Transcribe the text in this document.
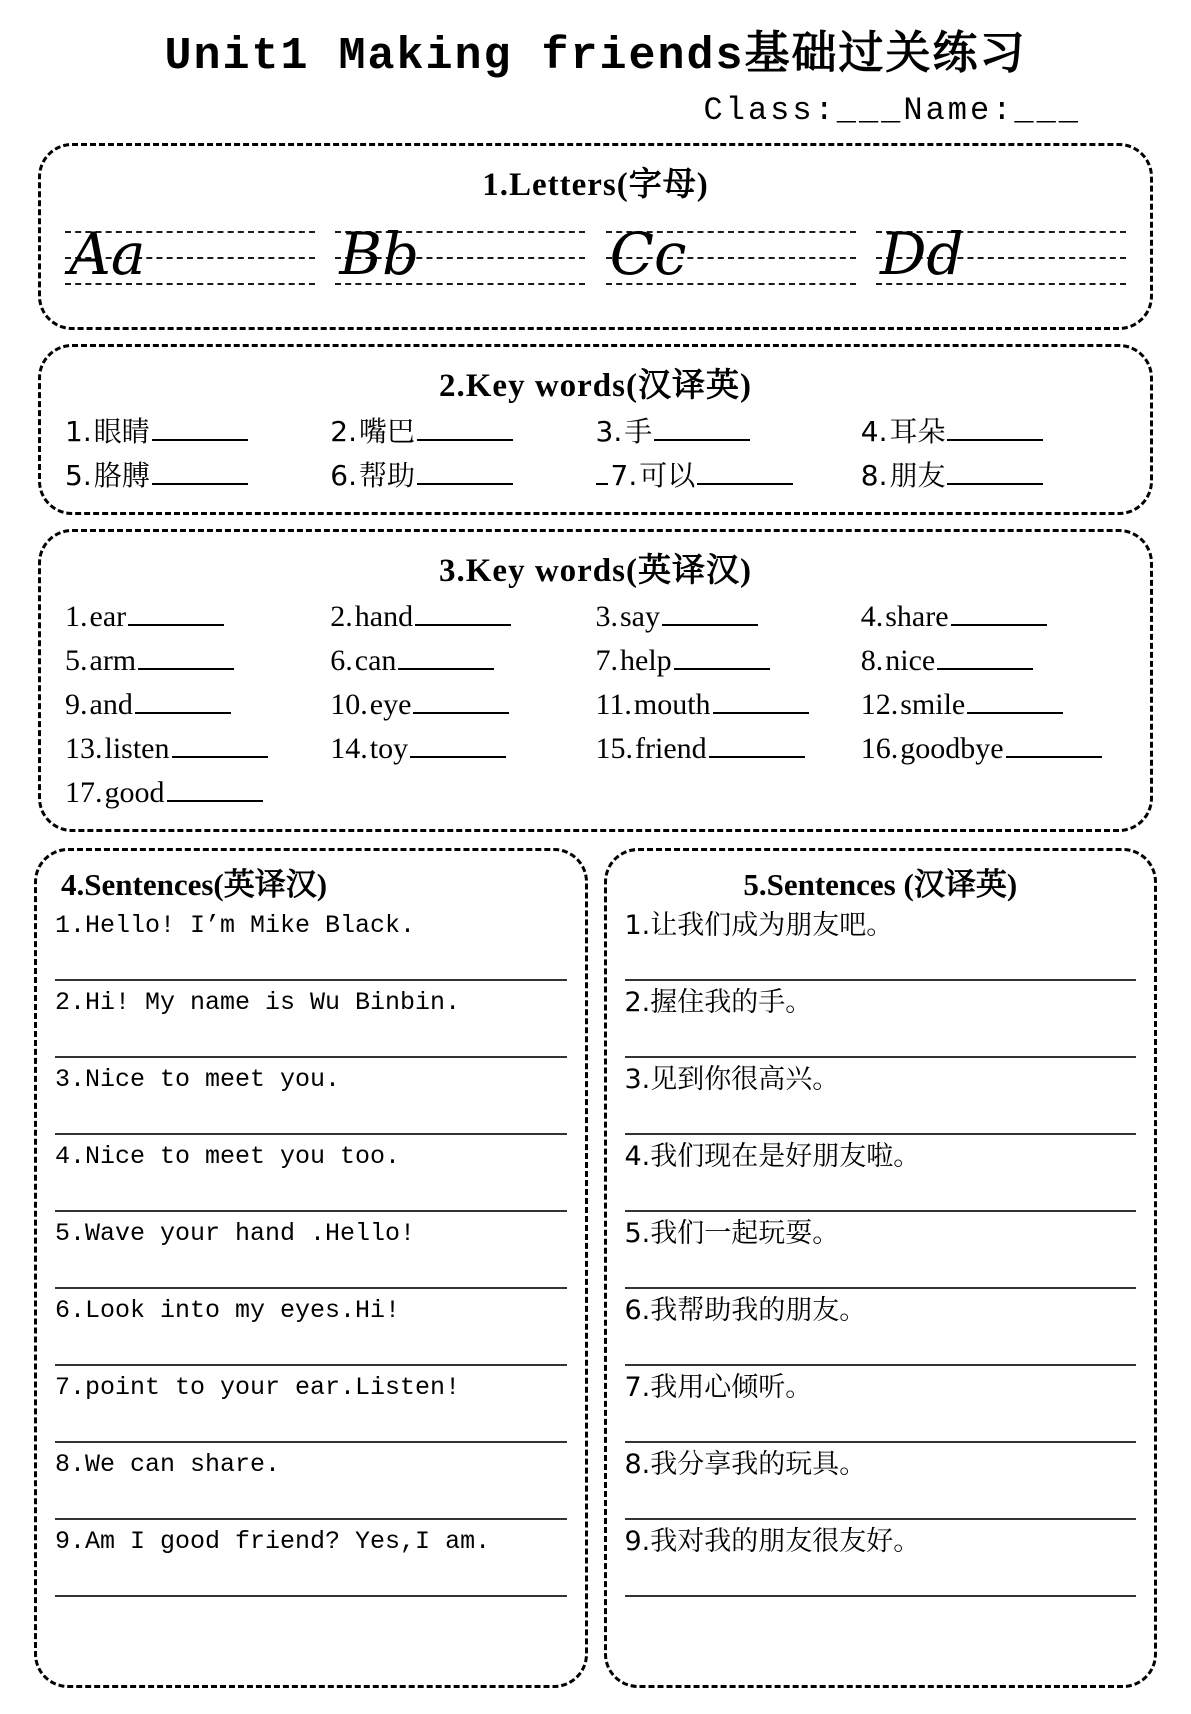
Unit1 Making friends基础过关练习
Class:___Name:___
1.Letters(字母)
Aa	Bb	Cc	Dd
2.Key words(汉译英)
1. 眼睛	2. 嘴巴	3. 手	4. 耳朵
5. 胳膊	6. 帮助	7. 可以	8. 朋友
3.Key words(英译汉)
1. ear	2. hand	3. say	4. share
5. arm	6. can	7. help	8. nice
9. and	10. eye	11. mouth	12. smile
13. listen	14. toy	15. friend	16. goodbye
17. good
4.Sentences(英译汉)
1.Hello! I’m Mike Black.
2.Hi! My name is Wu Binbin.
3.Nice to meet you.
4.Nice to meet you too.
5.Wave your hand .Hello!
6.Look into my eyes.Hi!
7.point to your ear.Listen!
8.We can share.
9.Am I good friend? Yes,I am.
5.Sentences (汉译英)
1.让我们成为朋友吧。
2.握住我的手。
3.见到你很高兴。
4.我们现在是好朋友啦。
5.我们一起玩耍。
6.我帮助我的朋友。
7.我用心倾听。
8.我分享我的玩具。
9.我对我的朋友很友好。
